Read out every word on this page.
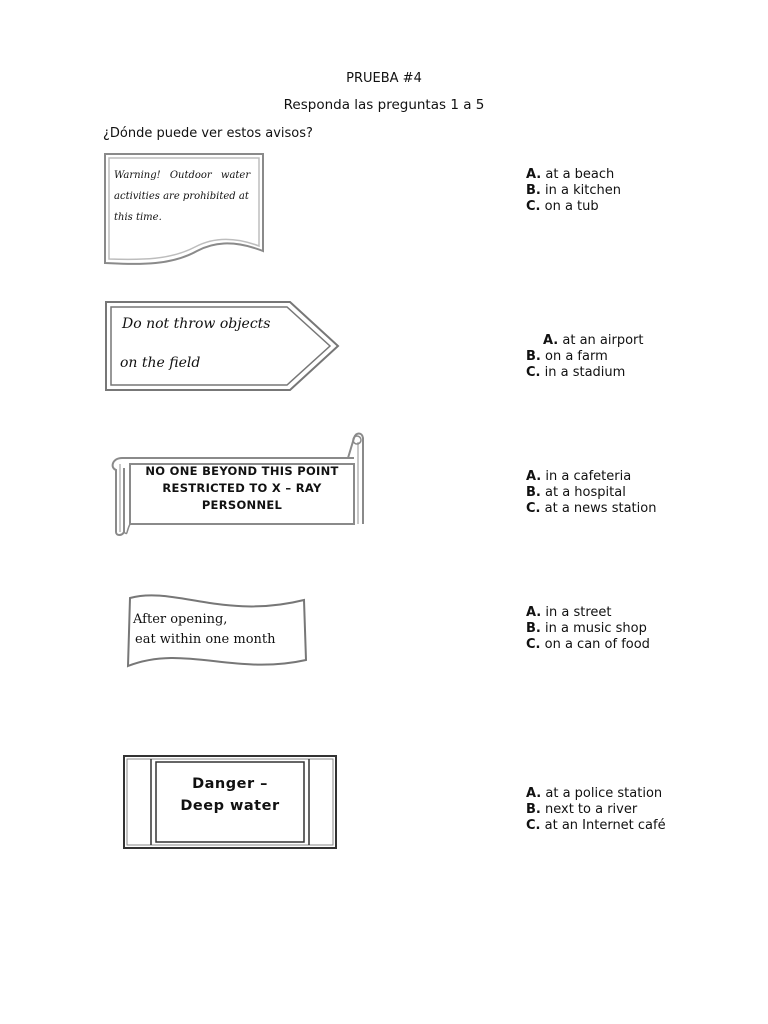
PRUEBA #4
Responda las preguntas 1 a 5
¿Dónde puede ver estos avisos?
Warning! Outdoor water
activities are prohibited at
this time.
A. at a beach
B. in a kitchen
C. on a tub
Do not throw objects
on the field
A. at an airport
B. on a farm
C. in a stadium
NO ONE BEYOND THIS POINT
RESTRICTED TO X – RAY
PERSONNEL
A. in a cafeteria
B. at a hospital
C. at a news station
After opening,
eat within one month
A. in a street
B. in a music shop
C. on a can of food
Danger –
Deep water
A. at a police station
B. next to a river
C. at an Internet café
